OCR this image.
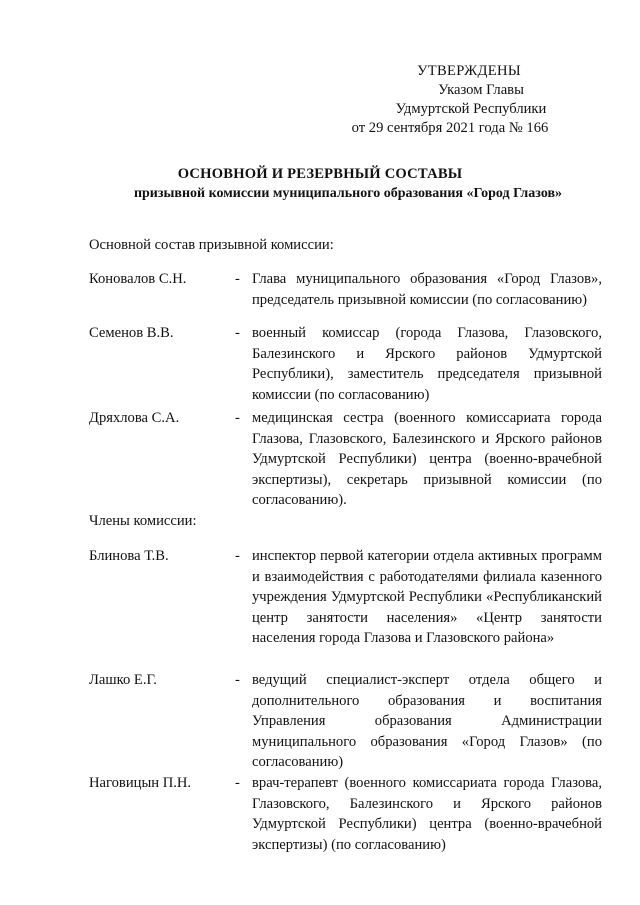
УТВЕРЖДЕНЫ
Указом Главы
Удмуртской Республики
от 29 сентября 2021 года № 166
ОСНОВНОЙ И РЕЗЕРВНЫЙ СОСТАВЫ
призывной комиссии муниципального образования «Город Глазов»
Основной состав призывной комиссии:
Коновалов С.Н.	- Глава муниципального образования «Город Глазов», председатель призывной комиссии (по согласованию)
Семенов В.В.	- военный комиссар (города Глазова, Глазовского, Балезинского и Ярского районов Удмуртской Республики), заместитель председателя призывной комиссии (по согласованию)
Дряхлова С.А.	- медицинская сестра (военного комиссариата города Глазова, Глазовского, Балезинского и Ярского районов Удмуртской Республики) центра (военно-врачебной экспертизы), секретарь призывной комиссии (по согласованию).
Члены комиссии:
Блинова Т.В.	- инспектор первой категории отдела активных программ и взаимодействия с работодателями филиала казенного учреждения Удмуртской Республики «Республиканский центр занятости населения» «Центр занятости населения города Глазова и Глазовского района»
Лашко Е.Г.	- ведущий специалист-эксперт отдела общего и дополнительного образования и воспитания Управления образования Администрации муниципального образования «Город Глазов» (по согласованию)
Наговицын П.Н.	- врач-терапевт (военного комиссариата города Глазова, Глазовского, Балезинского и Ярского районов Удмуртской Республики) центра (военно-врачебной экспертизы) (по согласованию)
